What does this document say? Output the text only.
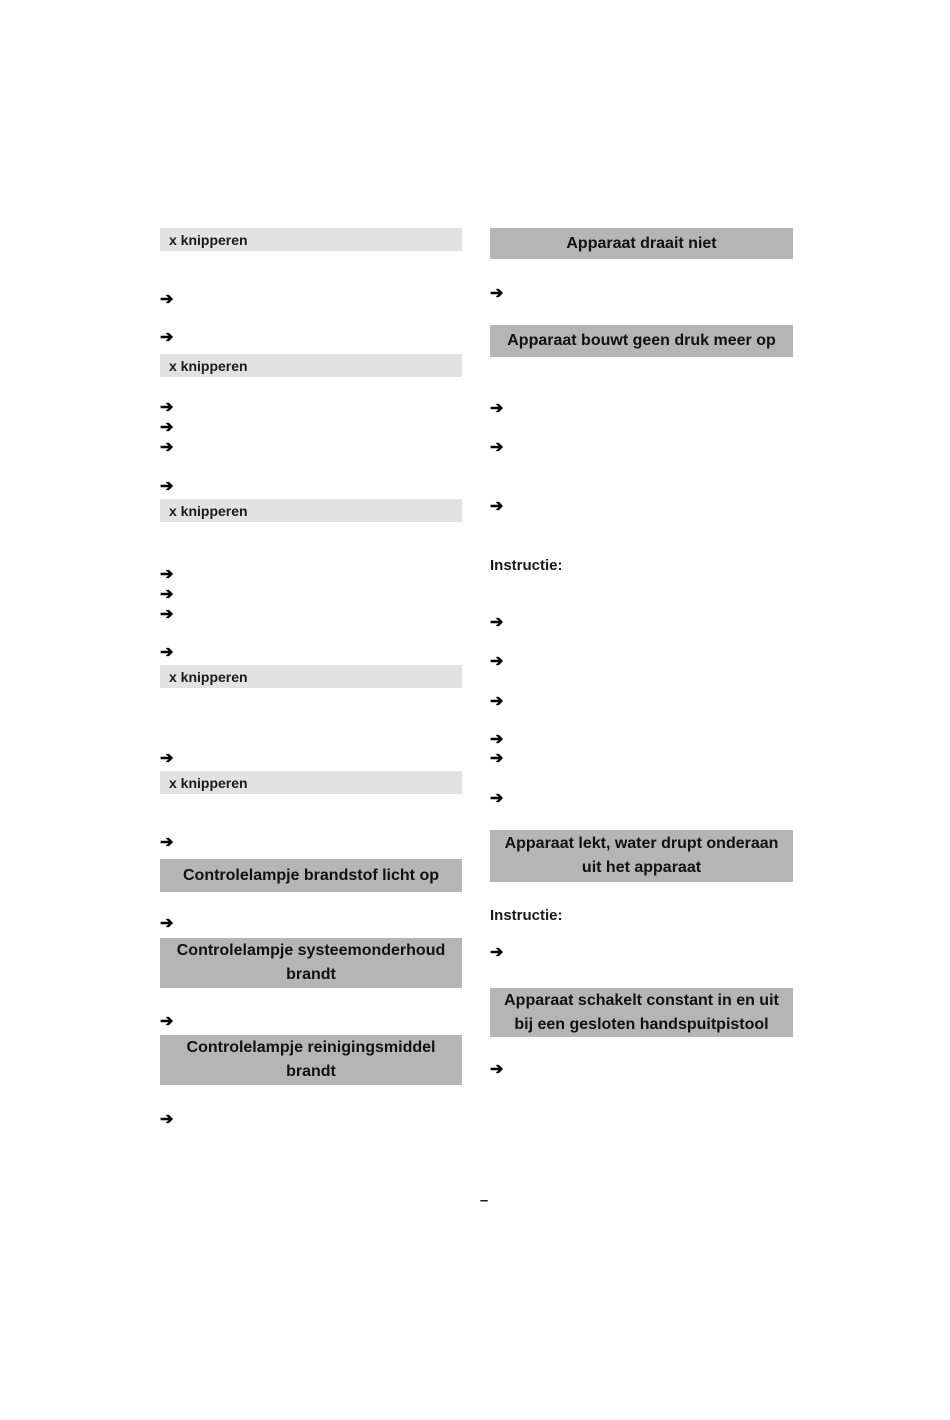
x knipperen
➔
➔
x knipperen
➔
➔
➔
➔
x knipperen
➔
➔
➔
➔
x knipperen
➔
x knipperen
➔
Controlelampje brandstof licht op
➔
Controlelampje systeemonderhoud brandt
➔
Controlelampje reinigingsmiddel brandt
➔
Apparaat draait niet
➔
Apparaat bouwt geen druk meer op
➔
➔
➔
Instructie:
➔
➔
➔
➔
➔
➔
Apparaat lekt, water drupt onderaan uit het apparaat
Instructie:
➔
Apparaat schakelt constant in en uit bij een gesloten handspuitpistool
➔
–
